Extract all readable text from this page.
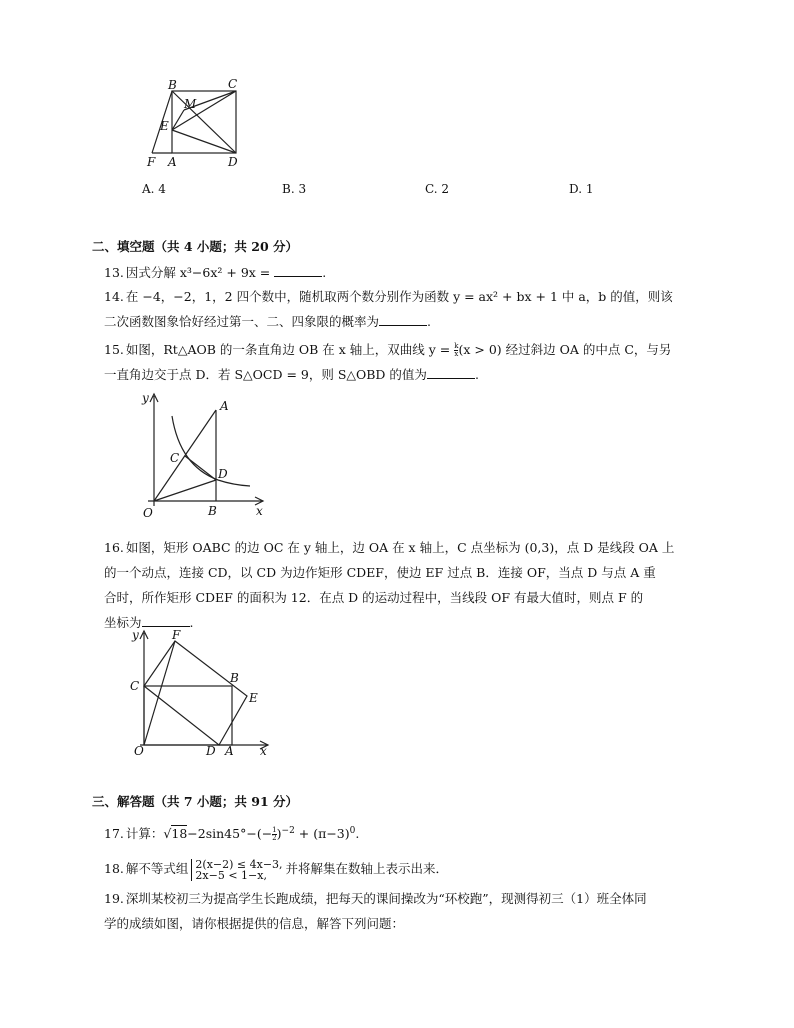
B	C
M
E
F A	D
A. 4	B. 3	C. 2	D. 1
二、填空题（共 4 小题；共 20 分）
13. 因式分解 x³−6x² + 9x =	.
14. 在 −4，−2，1，2 四个数中，随机取两个数分别作为函数 y = ax² + bx + 1 中 a，b 的值，则该
二次函数图象恰好经过第一、二、四象限的概率为	.
15. 如图，Rt△AOB 的一条直角边 OB 在 x 轴上，双曲线 $y = \frac{k}{x} (x > 0)$ 经过斜边 OA 的中点 C，与另
一直角边交于点 D．若 S△OCD = 9，则 S△OBD 的值为	.
y
A
C
D
O	B	x
16. 如图，矩形 OABC 的边 OC 在 y 轴上，边 OA 在 x 轴上，C 点坐标为 (0,3)，点 D 是线段 OA 上
的一个动点，连接 CD，以 CD 为边作矩形 CDEF，使边 EF 过点 B．连接 OF，当点 D 与点 A 重
合时，所作矩形 CDEF 的面积为 12．在点 D 的运动过程中，当线段 OF 有最大值时，则点 F 的
坐标为	.
y	F
C
B
E
O	D A x
三、解答题（共 7 小题；共 91 分）
17. 计算：$√18-2\sin 45^\circ-(- \frac{1}{2} )^{-2} + (\pi-3)^0$.
18. 解不等式组 2(x−2) ≤ 4x−3,
2x−5 < 1−x,	并将解集在数轴上表示出来．
19. 深圳某校初三为提高学生长跑成绩，把每天的课间操改为“环校跑”，现测得初三（1）班全体同
学的成绩如图，请你根据提供的信息，解答下列问题：
